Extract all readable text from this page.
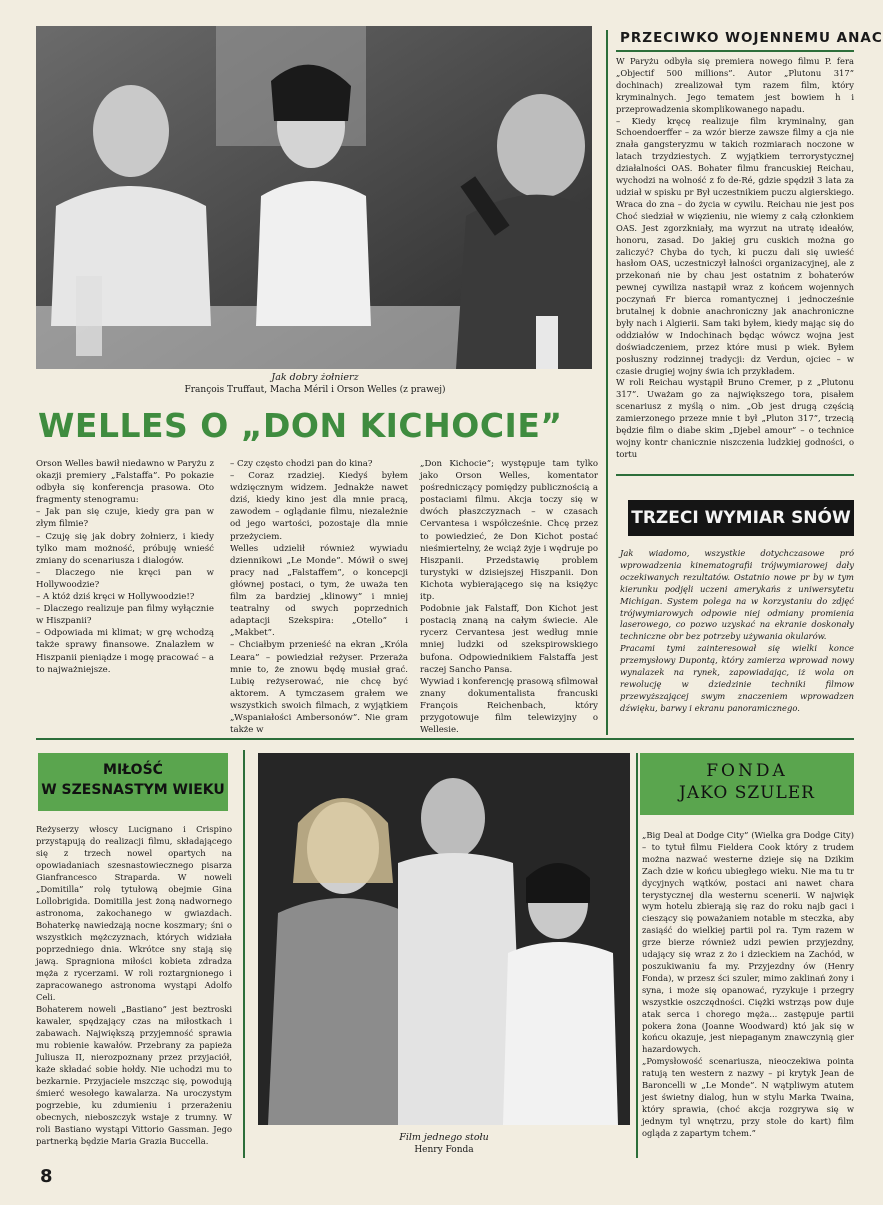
Jak dobry żołnierz
François Truffaut, Macha Méril i Orson Welles (z prawej)
WELLES O „DON KICHOCIE”
Orson Welles bawił niedawno w Paryżu z okazji premiery „Falstaffa”. Po pokazie odbyła się konferencja prasowa. Oto fragmenty stenogramu:
– Jak pan się czuje, kiedy gra pan w złym filmie?
– Czuję się jak dobry żołnierz, i kiedy tylko mam możność, próbuję wnieść zmiany do scenariusza i dialogów.
– Dlaczego nie kręci pan w Hollywoodzie?
– A któż dziś kręci w Hollywoodzie!?
– Dlaczego realizuje pan filmy wyłącznie w Hiszpanii?
– Odpowiada mi klimat; w grę wchodzą także sprawy finansowe. Znalazłem w Hiszpanii pieniądze i mogę pracować – a to najważniejsze.
– Czy często chodzi pan do kina?
– Coraz rzadziej. Kiedyś byłem wdzięcznym widzem. Jednakże nawet dziś, kiedy kino jest dla mnie pracą, zawodem – oglądanie filmu, niezależnie od jego wartości, pozostaje dla mnie przeżyciem.
Welles udzielił również wywiadu dziennikowi „Le Monde”. Mówił o swej pracy nad „Falstaffem”, o koncepcji głównej postaci, o tym, że uważa ten film za bardziej „klinowy” i mniej teatralny od swych poprzednich adaptacji Szekspira: „Otello” i „Makbet”.
– Chciałbym przenieść na ekran „Króla Leara” – powiedział reżyser. Przeraża mnie to, że znowu będę musiał grać. Lubię reżyserować, nie chcę być aktorem. A tymczasem grałem we wszystkich swoich filmach, z wyjątkiem „Wspaniałości Ambersonów”. Nie gram także w
„Don Kichocie”; występuje tam tylko jako Orson Welles, komentator pośredniczący pomiędzy publicznością a postaciami filmu. Akcja toczy się w dwóch płaszczyznach – w czasach Cervantesa i współcześnie. Chcę przez to powiedzieć, że Don Kichot postać nieśmiertelny, że wciąż żyje i wędruje po Hiszpanii. Przedstawię problem turystyki w dzisiejszej Hiszpanii. Don Kichota wybierającego się na księżyc itp.
Podobnie jak Falstaff, Don Kichot jest postacią znaną na całym świecie. Ale rycerz Cervantesa jest według mnie mniej ludzki od szekspirowskiego bufona. Odpowiednikiem Falstaffa jest raczej Sancho Pansa.
Wywiad i konferencję prasową sfilmował znany dokumentalista francuski François Reichenbach, który przygotowuje film telewizyjny o Wellesie.
PRZECIWKO WOJENNEMU ANAC
W Paryżu odbyła się premiera nowego filmu P. fera „Objectif 500 millions”. Autor „Plutonu 317” dochinach) zrealizował tym razem film, który kryminalnych. Jego tematem jest bowiem h i przeprowadzenia skomplikowanego napadu.
– Kiedy kręcę realizuje film kryminalny, gan Schoendoerffer – za wzór bierze zawsze filmy a cja nie znała gangsteryzmu w takich rozmiarach noczone w latach trzydziestych. Z wyjątkiem terrorystycznej działalności OAS. Bohater filmu francuskiej Reichau, wychodzi na wolność z fo de-Ré, gdzie spędził 3 lata za udział w spisku pr Był uczestnikiem puczu algierskiego. Wraca do zna – do życia w cywilu. Reichau nie jest pos Choć siedział w więzieniu, nie wiemy z całą członkiem OAS. Jest zgorzkniały, ma wyrzut na utratę ideałów, honoru, zasad. Do jakiej gru cuskich można go zaliczyć? Chyba do tych, ki puczu dali się uwieść hasłom OAS, uczestniczył łalności organizacyjnej, ale z przekonań nie by chau jest ostatnim z bohaterów pewnej cywiliza nastąpił wraz z końcem wojennych poczynań Fr bierca romantycznej i jednocześnie brutalnej k dobnie anachroniczny jak anachroniczne były nach i Algierii. Sam taki byłem, kiedy mając się do oddziałów w Indochinach będąc wówcz wojna jest doświadczeniem, przez które musi p wiek. Byłem posłuszny rodzinnej tradycji: dz Verdun, ojciec – w czasie drugiej wojny świa ich przykładem.
W roli Reichau wystąpił Bruno Cremer, p z „Plutonu 317”. Uważam go za największego tora, pisałem scenariusz z myślą o nim. „Ob jest drugą częścią zamierzonego przeze mnie t był „Pluton 317”, trzecią będzie film o diabe skim „Djebel amour” – o technice wojny kontr chanicznie niszczenia ludzkiej godności, o tortu
TRZECI WYMIAR SNÓW
Jak wiadomo, wszystkie dotychczasowe pró wprowadzenia kinematografii trójwymiarowej dały oczekiwanych rezultatów. Ostatnio nowe pr by w tym kierunku podjęli uczeni amerykańs z uniwersytetu Michigan. System polega na w korzystaniu do zdjęć trójwymiarowych odpowie niej odmiany promienia laserowego, co pozwo uzyskać na ekranie doskonały techniczne obr bez potrzeby używania okularów.
Pracami tymi zainteresował się wielki konce przemysłowy Dupontą, który zamierza wprowad nowy wynalazek na rynek, zapowiadając, iż wola on rewolucję w dziedzinie techniki filmow przewyższającej swym znaczeniem wprowadzen dźwięku, barwy i ekranu panoramicznego.
MIŁOŚĆ
W SZESNASTYM WIEKU
Reżyserzy włoscy Lucignano i Crispino przystąpują do realizacji filmu, składającego się z trzech nowel opartych na opowiadaniach szesnastowiecznego pisarza Gianfrancesco Straparda. W noweli „Domitilla” rolę tytułową obejmie Gina Lollobrigida. Domitilla jest żoną nadwornego astronoma, zakochanego w gwiazdach. Bohaterkę nawiedzają nocne koszmary; śni o wszystkich mężczyznach, których widziała poprzedniego dnia. Wkrótce sny stają się jawą. Spragniona miłości kobieta zdradza męża z rycerzami. W roli roztargnionego i zapracowanego astronoma wystąpi Adolfo Celi.
Bohaterem noweli „Bastiano” jest beztroski kawaler, spędzający czas na miłostkach i zabawach. Największą przyjemność sprawia mu robienie kawałów. Przebrany za papieża Juliusza II, nierozpoznany przez przyjaciół, każe składać sobie hołdy. Nie uchodzi mu to bezkarnie. Przyjaciele mszcząc się, powodują śmierć wesołego kawalarza. Na uroczystym pogrzebie, ku zdumieniu i przerażeniu obecnych, nieboszczyk wstaje z trumny. W roli Bastiano wystąpi Vittorio Gassman. Jego partnerką będzie Maria Grazia Buccella.	Film jednego stołu
Henry Fonda
FONDA
JAKO SZULER
„Big Deal at Dodge City” (Wielka gra Dodge City) – to tytuł filmu Fieldera Cook który z trudem można nazwać westerne dzieje się na Dzikim Zach dzie w końcu ubiegłego wieku. Nie ma tu tr dycyjnych wątków, postaci ani nawet chara terystycznej dla westernu scenerii. W najwięk wym hotelu zbierają się raz do roku najb gaci i cieszący się poważaniem notable m steczka, aby zasiąść do wielkiej partii pol ra. Tym razem w grze bierze również udzi pewien przyjezdny, udający się wraz z żo i dzieckiem na Zachód, w poszukiwaniu fa my. Przyjezdny ów (Henry Fonda), w przesz ści szuler, mimo zaklinań żony i syna, i może się opanować, ryzykuje i przegry wszystkie oszczędności. Ciężki wstrząs pow duje atak serca i chorego męża... zastępuje partii pokera żona (Joanne Woodward) któ jak się w końcu okazuje, jest niepaganym znawczynią gier hazardowych.
„Pomysłowość scenariusza, nieoczekiwa pointa ratują ten western z nazwy – pi krytyk Jean de Baroncelli w „Le Monde”. N wątpliwym atutem jest świetny dialog, hun w stylu Marka Twaina, który sprawia, (choć akcja rozgrywa się w jednym tyl wnętrzu, przy stole do kart) film ogląda z zapartym tchem.”
8
